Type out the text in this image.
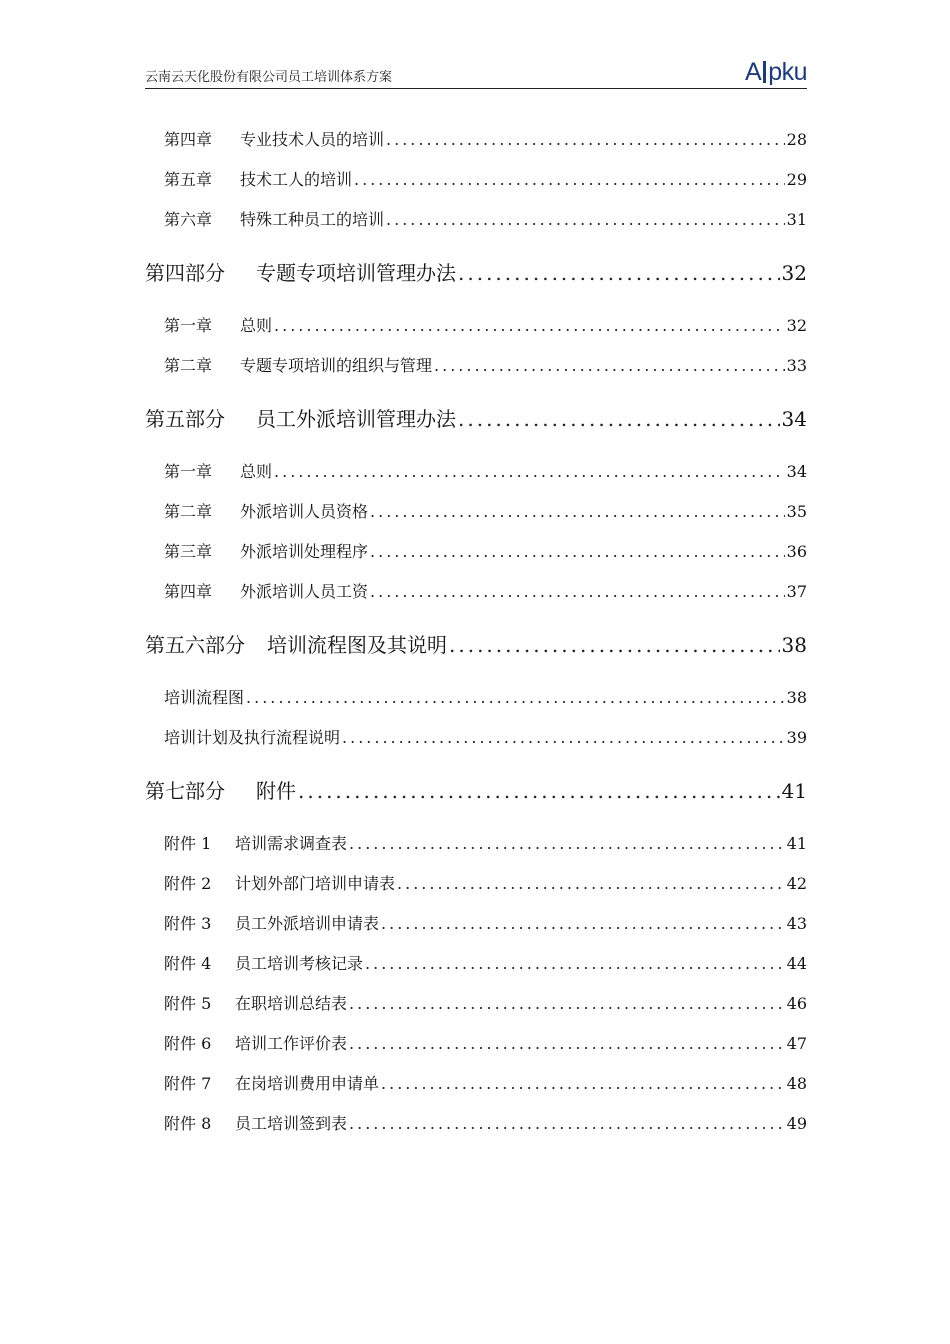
云南云天化股份有限公司员工培训体系方案	A pku
第四章	专业技术人员的培训 .....	28
第五章	技术工人的培训 .....	29
第六章	特殊工种员工的培训 .....	31
第四部分	专题专项培训管理办法 .....	32
第一章	总则 .....	32
第二章	专题专项培训的组织与管理 .....	33
第五部分	员工外派培训管理办法 .....	34
第一章	总则 .....	34
第二章	外派培训人员资格 .....	35
第三章	外派培训处理程序 .....	36
第四章	外派培训人员工资 .....	37
第五六部分	培训流程图及其说明 .....	38
培训流程图 .....	38
培训计划及执行流程说明 .....	39
第七部分	附件 .....	41
附件 1	培训需求调查表 .....	41
附件 2	计划外部门培训申请表 .....	42
附件 3	员工外派培训申请表 .....	43
附件 4	员工培训考核记录 .....	44
附件 5	在职培训总结表 .....	46
附件 6	培训工作评价表 .....	47
附件 7	在岗培训费用申请单 .....	48
附件 8	员工培训签到表 .....	49
